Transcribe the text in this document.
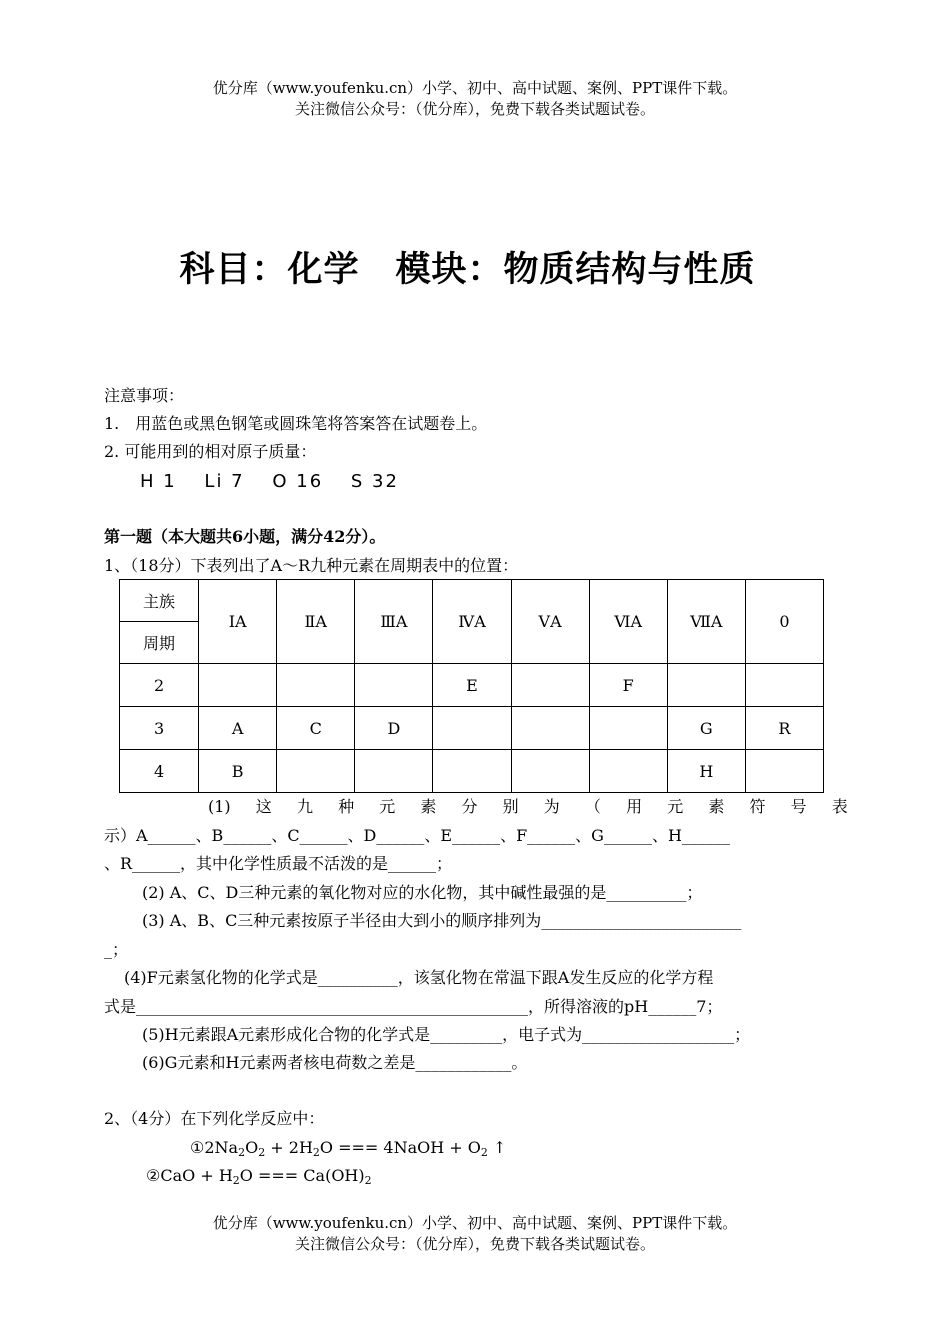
优分库（www.youfenku.cn）小学、初中、高中试题、案例、PPT课件下载。
关注微信公众号：（优分库），免费下载各类试题试卷。
科目：化学　模块：物质结构与性质
注意事项：
1.　用蓝色或黑色钢笔或圆珠笔将答案答在试题卷上。
2. 可能用到的相对原子质量：
H 1　 Li 7　 O 16　 S 32
第一题（本大题共6小题，满分42分）。
1、（18分）下表列出了A～R九种元素在周期表中的位置：
主族	ⅠA	ⅡA	ⅢA	ⅣA	ⅤA	ⅥA	ⅦA	0
周期								
2				E		F		
3	A	C	D				G	R
4	B						H	
(1) 这 九 种 元 素 分 别 为 （ 用 元 素 符 号 表
示）A______、B______、C______、D______、E______、F______、G______、H______
、R______，其中化学性质最不活泼的是______；
(2) A、C、D三种元素的氧化物对应的水化物，其中碱性最强的是__________；
(3) A、B、C三种元素按原子半径由大到小的顺序排列为_________________________
_；
(4)F元素氢化物的化学式是__________，该氢化物在常温下跟A发生反应的化学方程
式是_________________________________________________，所得溶液的pH______7；
(5)H元素跟A元素形成化合物的化学式是_________，电子式为___________________；
(6)G元素和H元素两者核电荷数之差是____________。
2、（4分）在下列化学反应中：
$①2Na_2O_2 + 2H_2O$ === 4NaOH + $O_2$ ↑
②CaO + $H_2O$ === $Ca(OH)_2$
优分库（www.youfenku.cn）小学、初中、高中试题、案例、PPT课件下载。
关注微信公众号：（优分库），免费下载各类试题试卷。
